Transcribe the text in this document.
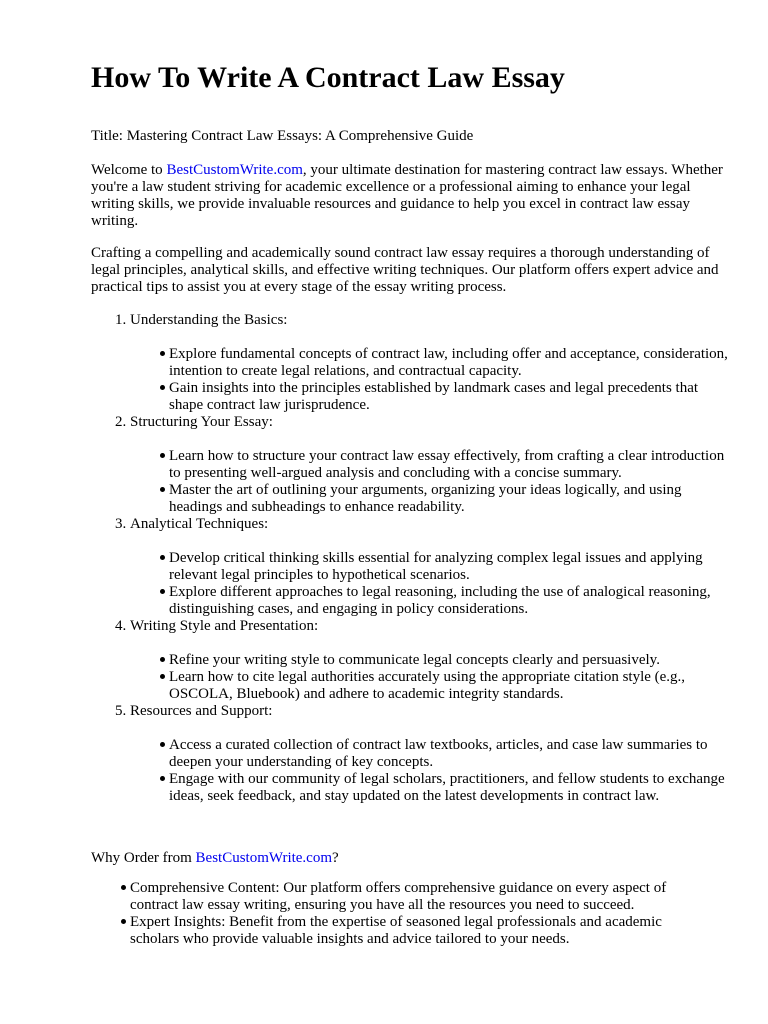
How To Write A Contract Law Essay

Title: Mastering Contract Law Essays: A Comprehensive Guide

Welcome to BestCustomWrite.com, your ultimate destination for mastering contract law essays. Whether you're a law student striving for academic excellence or a professional aiming to enhance your legal writing skills, we provide invaluable resources and guidance to help you excel in contract law essay writing.

Crafting a compelling and academically sound contract law essay requires a thorough understanding of legal principles, analytical skills, and effective writing techniques. Our platform offers expert advice and practical tips to assist you at every stage of the essay writing process.

1. Understanding the Basics:
Explore fundamental concepts of contract law, including offer and acceptance, consideration, intention to create legal relations, and contractual capacity.
Gain insights into the principles established by landmark cases and legal precedents that shape contract law jurisprudence.
2. Structuring Your Essay:
Learn how to structure your contract law essay effectively, from crafting a clear introduction to presenting well-argued analysis and concluding with a concise summary.
Master the art of outlining your arguments, organizing your ideas logically, and using headings and subheadings to enhance readability.
3. Analytical Techniques:
Develop critical thinking skills essential for analyzing complex legal issues and applying relevant legal principles to hypothetical scenarios.
Explore different approaches to legal reasoning, including the use of analogical reasoning, distinguishing cases, and engaging in policy considerations.
4. Writing Style and Presentation:
Refine your writing style to communicate legal concepts clearly and persuasively.
Learn how to cite legal authorities accurately using the appropriate citation style (e.g., OSCOLA, Bluebook) and adhere to academic integrity standards.
5. Resources and Support:
Access a curated collection of contract law textbooks, articles, and case law summaries to deepen your understanding of key concepts.
Engage with our community of legal scholars, practitioners, and fellow students to exchange ideas, seek feedback, and stay updated on the latest developments in contract law.

Why Order from BestCustomWrite.com?

Comprehensive Content: Our platform offers comprehensive guidance on every aspect of contract law essay writing, ensuring you have all the resources you need to succeed.
Expert Insights: Benefit from the expertise of seasoned legal professionals and academic scholars who provide valuable insights and advice tailored to your needs.
